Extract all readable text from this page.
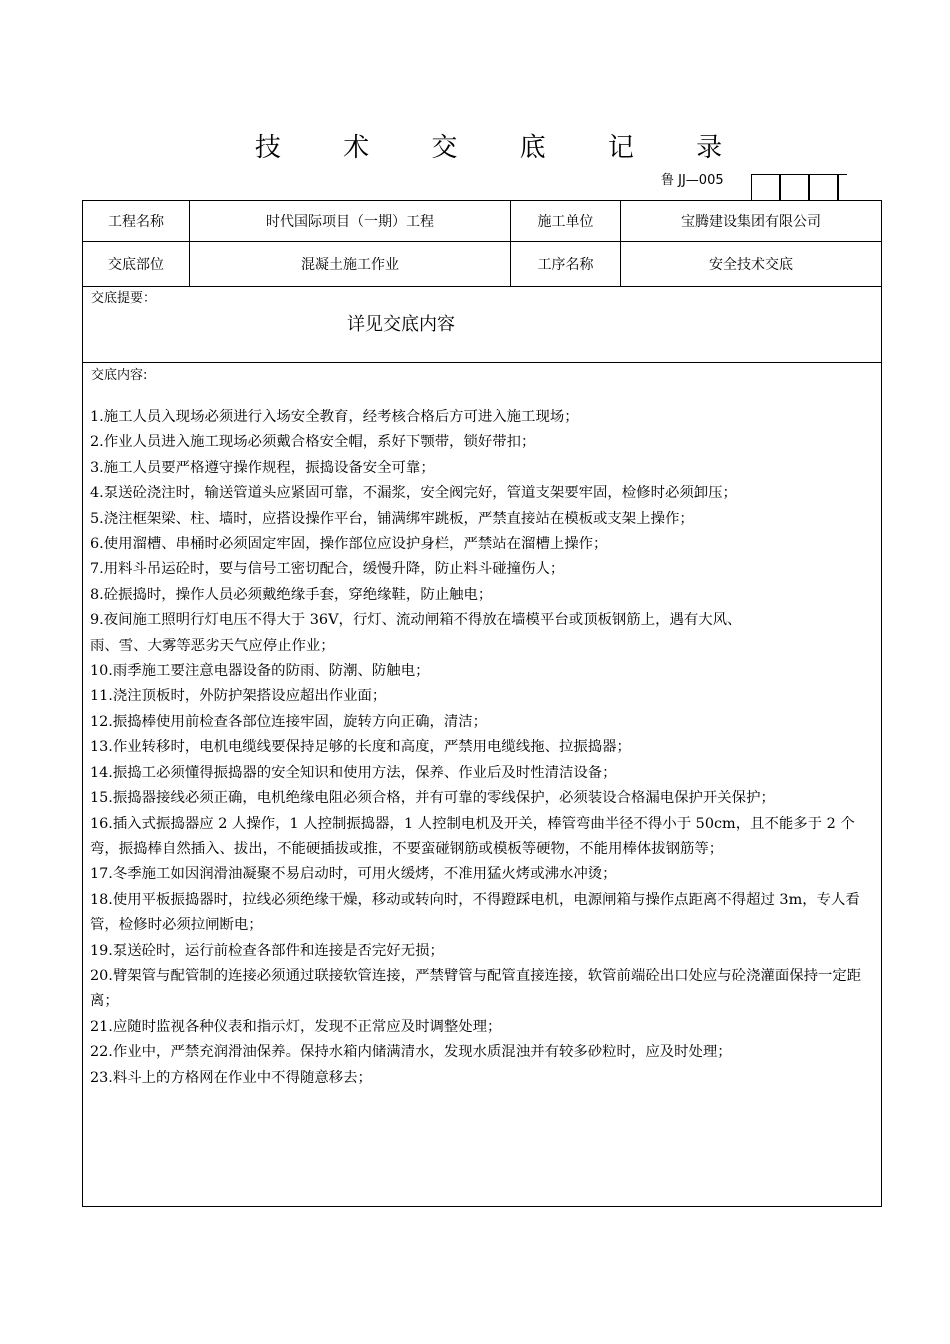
技 术 交 底 记 录
鲁 JJ—005
工程名称	时代国际项目（一期）工程	施工单位	宝腾建设集团有限公司
交底部位	混凝土施工作业	工序名称	安全技术交底
交底提要：
详见交底内容
交底内容:

1.施工人员入现场必须进行入场安全教育，经考核合格后方可进入施工现场；

2.作业人员进入施工现场必须戴合格安全帽，系好下颚带，锁好带扣；

3.施工人员要严格遵守操作规程，振捣设备安全可靠；

4.泵送砼浇注时，输送管道头应紧固可靠，不漏浆，安全阀完好，管道支架要牢固，检修时必须卸压；

5.浇注框架梁、柱、墙时，应搭设操作平台，铺满绑牢跳板，严禁直接站在模板或支架上操作；

6.使用溜槽、串桶时必须固定牢固，操作部位应设护身栏，严禁站在溜槽上操作；

7.用料斗吊运砼时，要与信号工密切配合，缓慢升降，防止料斗碰撞伤人；

8.砼振捣时，操作人员必须戴绝缘手套，穿绝缘鞋，防止触电；

9.夜间施工照明行灯电压不得大于 36V，行灯、流动闸箱不得放在墙模平台或顶板钢筋上，遇有大风、

雨、雪、大雾等恶劣天气应停止作业；

10.雨季施工要注意电器设备的防雨、防潮、防触电；

11.浇注顶板时，外防护架搭设应超出作业面；

12.振捣棒使用前检查各部位连接牢固，旋转方向正确，清洁；

13.作业转移时，电机电缆线要保持足够的长度和高度，严禁用电缆线拖、拉振捣器；

14.振捣工必须懂得振捣器的安全知识和使用方法，保养、作业后及时性清洁设备；

15.振捣器接线必须正确，电机绝缘电阻必须合格，并有可靠的零线保护，必须装设合格漏电保护开关保护；

16.插入式振捣器应 2 人操作，1 人控制振捣器，1 人控制电机及开关，棒管弯曲半径不得小于 50cm，且不能多于 2 个弯，振捣棒自然插入、拔出，不能硬插拔或推，不要蛮碰钢筋或模板等硬物，不能用棒体拔钢筋等；

17.冬季施工如因润滑油凝聚不易启动时，可用火缓烤，不准用猛火烤或沸水冲烫；

18.使用平板振捣器时，拉线必须绝缘干燥，移动或转向时，不得蹬踩电机，电源闸箱与操作点距离不得超过 3m，专人看管，检修时必须拉闸断电；

19.泵送砼时，运行前检查各部件和连接是否完好无损；

20.臂架管与配管制的连接必须通过联接软管连接，严禁臂管与配管直接连接，软管前端砼出口处应与砼浇灌面保持一定距离；

21.应随时监视各种仪表和指示灯，发现不正常应及时调整处理；

22.作业中，严禁充润滑油保养。保持水箱内储满清水，发现水质混浊并有较多砂粒时，应及时处理；

23.料斗上的方格网在作业中不得随意移去；
